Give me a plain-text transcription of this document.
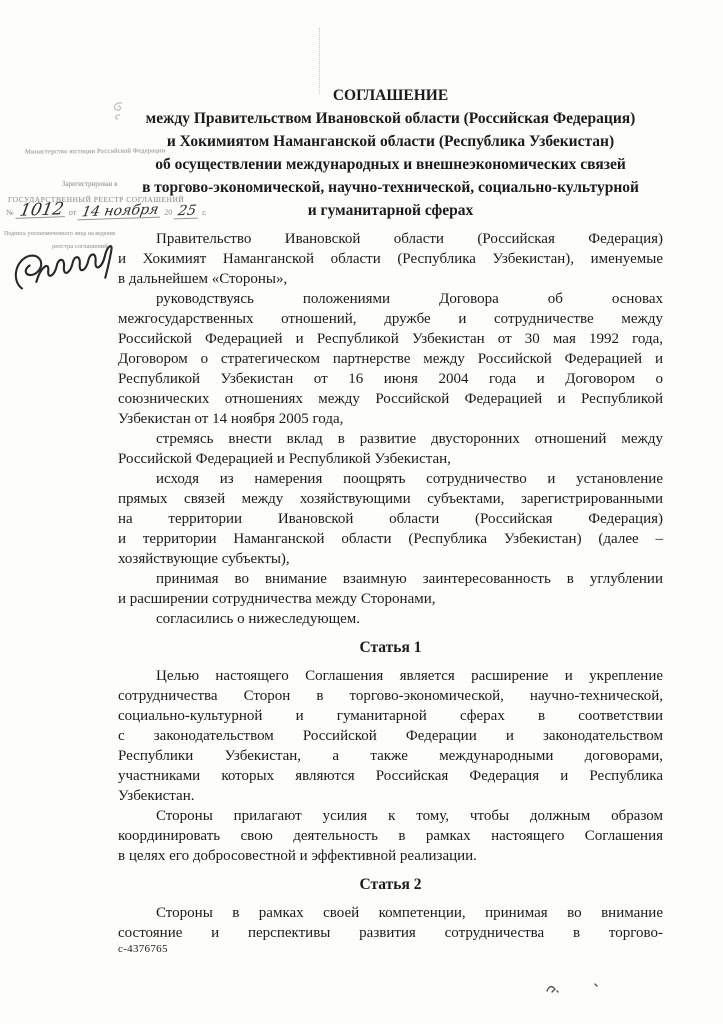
Министерство юстиции Российской Федерации
Зарегистрирован в
ГОСУДАРСТВЕННЫЙ РЕЕСТР СОГЛАШЕНИЙ
№ 1012 от 14 ноября 20 25 г.
Подпись уполномоченного лица на ведение
реестра соглашений
СОГЛАШЕНИЕ
между Правительством Ивановской области (Российская Федерация)
и Хокимиятом Наманганской области (Республика Узбекистан)
об осуществлении международных и внешнеэкономических связей
в торгово-экономической, научно-технической, социально-культурной
и гуманитарной сферах
Правительство Ивановской области (Российская Федерация)
и Хокимият Наманганской области (Республика Узбекистан), именуемые
в дальнейшем «Стороны»,
руководствуясь положениями Договора об основах
межгосударственных отношений, дружбе и сотрудничестве между
Российской Федерацией и Республикой Узбекистан от 30 мая 1992 года,
Договором о стратегическом партнерстве между Российской Федерацией и
Республикой Узбекистан от 16 июня 2004 года и Договором о
союзнических отношениях между Российской Федерацией и Республикой
Узбекистан от 14 ноября 2005 года,
стремясь внести вклад в развитие двусторонних отношений между
Российской Федерацией и Республикой Узбекистан,
исходя из намерения поощрять сотрудничество и установление
прямых связей между хозяйствующими субъектами, зарегистрированными
на территории Ивановской области (Российская Федерация)
и территории Наманганской области (Республика Узбекистан) (далее –
хозяйствующие субъекты),
принимая во внимание взаимную заинтересованность в углублении
и расширении сотрудничества между Сторонами,
согласились о нижеследующем.
Статья 1
Целью настоящего Соглашения является расширение и укрепление
сотрудничества Сторон в торгово-экономической, научно-технической,
социально-культурной и гуманитарной сферах в соответствии
с законодательством Российской Федерации и законодательством
Республики Узбекистан, а также международными договорами,
участниками которых являются Российская Федерация и Республика
Узбекистан.
Стороны прилагают усилия к тому, чтобы должным образом
координировать свою деятельность в рамках настоящего Соглашения
в целях его добросовестной и эффективной реализации.
Статья 2
Стороны в рамках своей компетенции, принимая во внимание
состояние и перспективы развития сотрудничества в торгово-
с-4376765
